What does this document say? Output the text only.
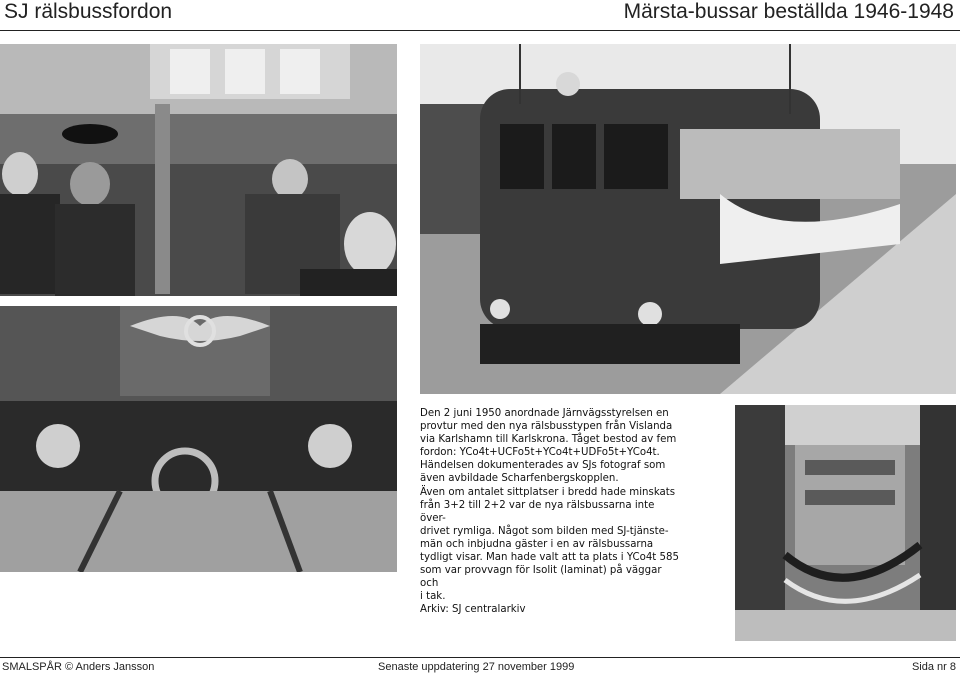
SJ rälsbussfordon	Märsta-bussar beställda 1946-1948

Den 2 juni 1950 anordnade Järnvägsstyrelsen en

provtur med den nya rälsbusstypen från Vislanda

via Karlshamn till Karlskrona. Tåget bestod av fem

fordon: YCo4t+UCFo5t+YCo4t+UDFo5t+YCo4t.

Händelsen dokumenterades av SJs fotograf som

även avbildade Scharfenbergskopplen.

Även om antalet sittplatser i bredd hade minskats

från 3+2 till 2+2 var de nya rälsbussarna inte över-

drivet rymliga. Något som bilden med SJ-tjänste-

män och inbjudna gäster i en av rälsbussarna

tydligt visar. Man hade valt att ta plats i YCo4t 585

som var provvagn för Isolit (laminat) på väggar och

i tak.

Arkiv: SJ centralarkiv

SMALSPÅR © Anders Jansson	Senaste uppdatering 27 november 1999	Sida nr 8
